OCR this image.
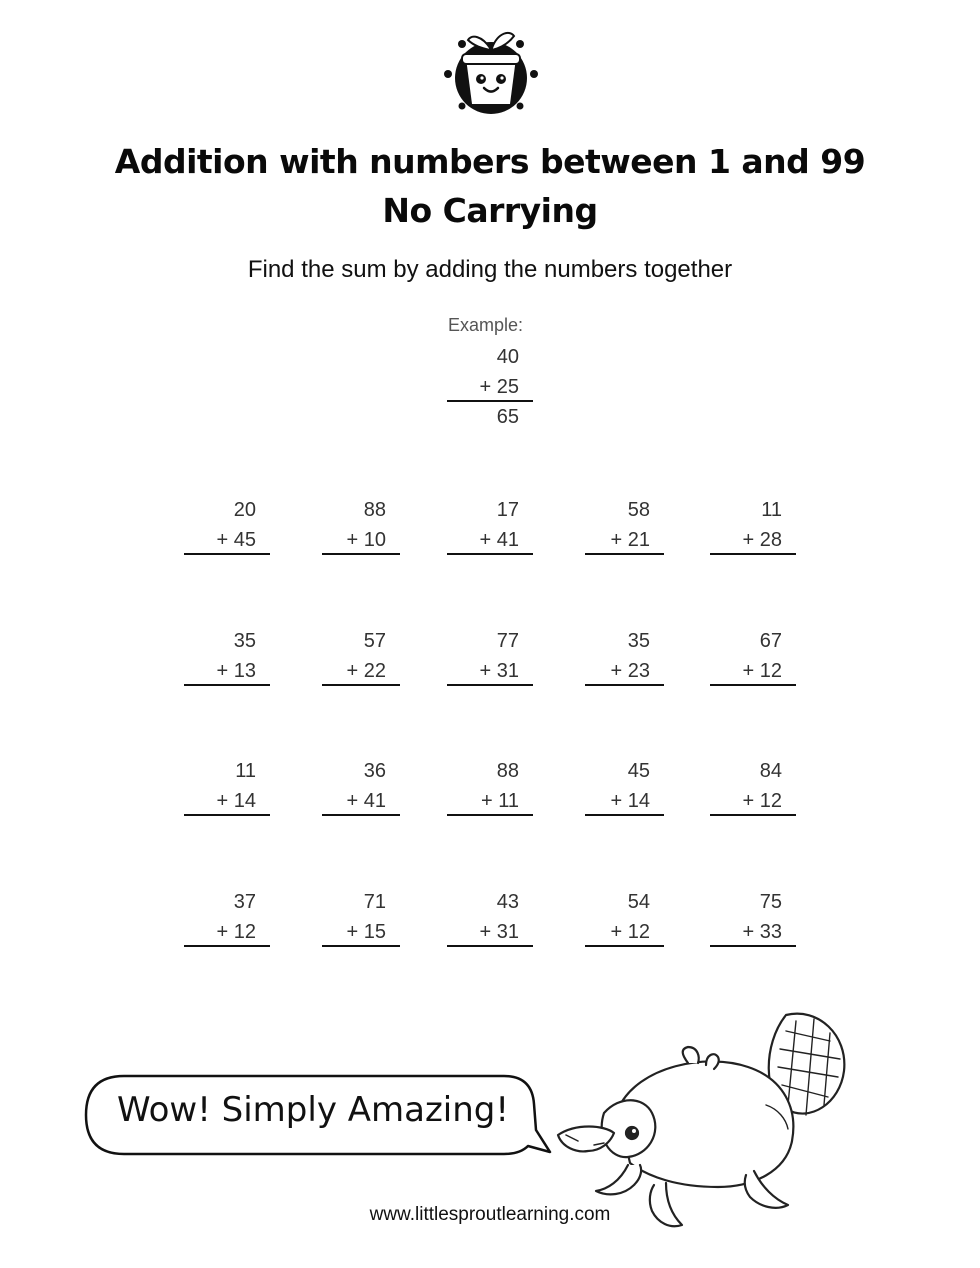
Addition with numbers between 1 and 99
No Carrying
Find the sum by adding the numbers together
Example:
40
+ 25
65
20
+ 45
88
+ 10
17
+ 41
58
+ 21
11
+ 28
35
+ 13
57
+ 22
77
+ 31
35
+ 23
67
+ 12
11
+ 14
36
+ 41
88
+ 11
45
+ 14
84
+ 12
37
+ 12
71
+ 15
43
+ 31
54
+ 12
75
+ 33
Wow! Simply Amazing!
www.littlesproutlearning.com
